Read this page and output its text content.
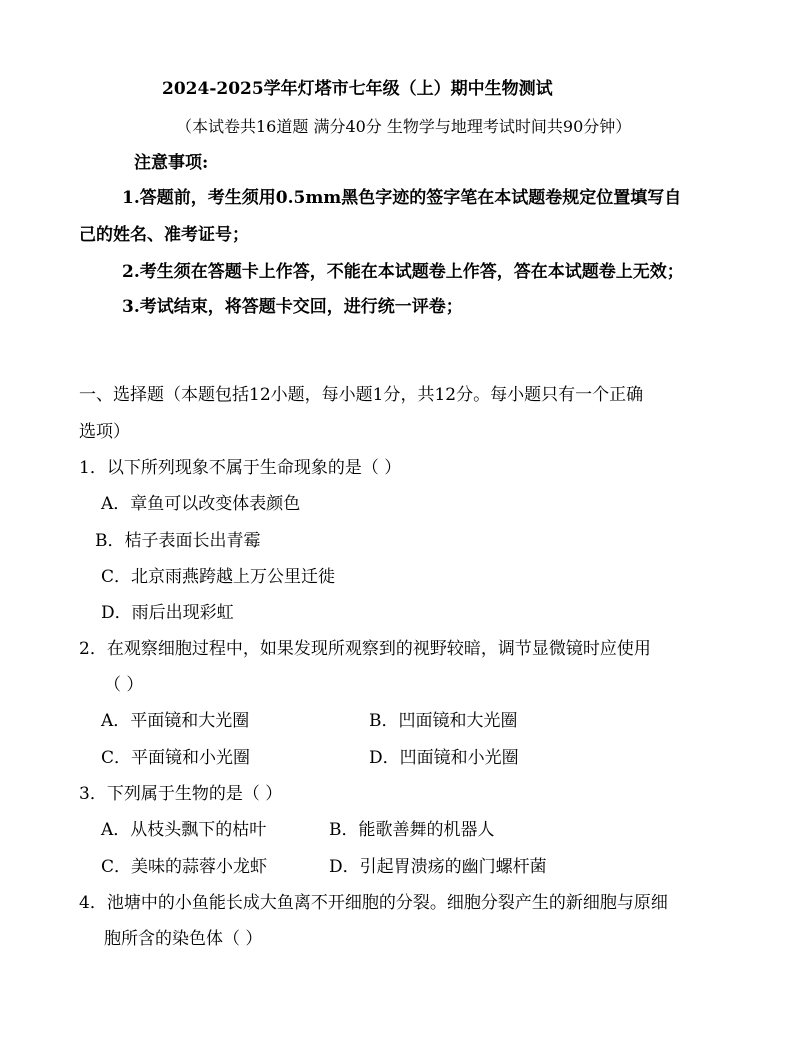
2024-2025学年灯塔市七年级（上）期中生物测试
（本试卷共16道题 满分40分 生物学与地理考试时间共90分钟）
注意事项:
1.答题前，考生须用0.5mm黑色字迹的签字笔在本试题卷规定位置填写自
己的姓名、准考证号；
2.考生须在答题卡上作答，不能在本试题卷上作答，答在本试题卷上无效；
3.考试结束，将答题卡交回，进行统一评卷；
一、选择题（本题包括12小题，每小题1分，共12分。每小题只有一个正确
选项）
1．以下所列现象不属于生命现象的是（ ）
A．章鱼可以改变体表颜色
B．桔子表面长出青霉
C．北京雨燕跨越上万公里迁徙
D．雨后出现彩虹
2．在观察细胞过程中，如果发现所观察到的视野较暗，调节显微镜时应使用
（ ）
A．平面镜和大光圈	B．凹面镜和大光圈
C．平面镜和小光圈	D．凹面镜和小光圈
3．下列属于生物的是（ ）
A．从枝头飘下的枯叶	B．能歌善舞的机器人
C．美味的蒜蓉小龙虾	D．引起胃溃疡的幽门螺杆菌
4．池塘中的小鱼能长成大鱼离不开细胞的分裂。细胞分裂产生的新细胞与原细
胞所含的染色体（ ）
